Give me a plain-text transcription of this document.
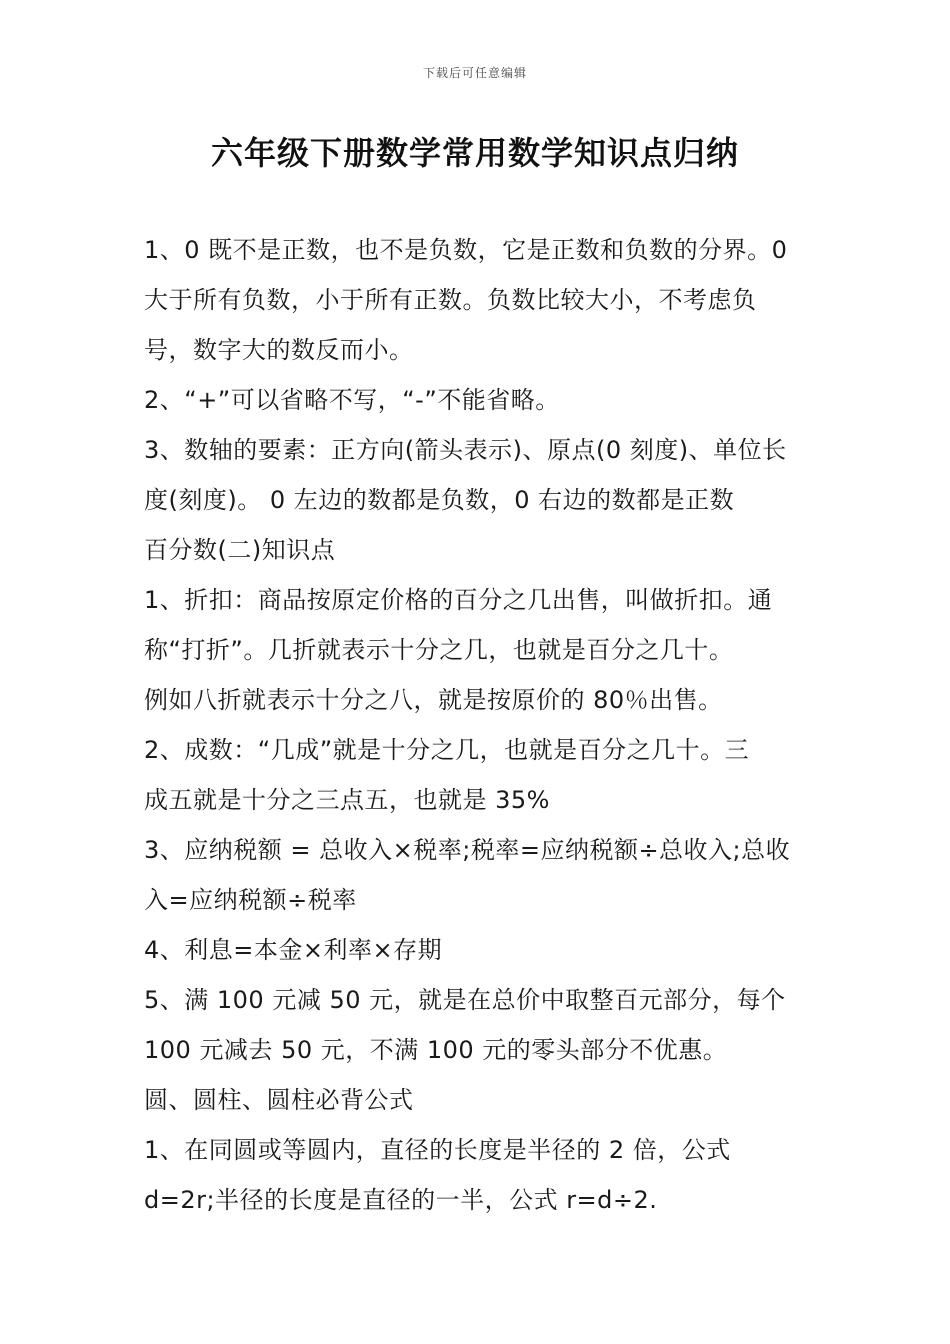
下载后可任意编辑
六年级下册数学常用数学知识点归纳
1、0 既不是正数，也不是负数，它是正数和负数的分界。0
大于所有负数，小于所有正数。负数比较大小，不考虑负
号，数字大的数反而小。
2、“+”可以省略不写，“-”不能省略。
3、数轴的要素：正方向(箭头表示)、原点(0 刻度)、单位长
度(刻度)。 0 左边的数都是负数，0 右边的数都是正数
百分数(二)知识点
1、折扣：商品按原定价格的百分之几出售，叫做折扣。通
称“打折”。几折就表示十分之几，也就是百分之几十。
例如八折就表示十分之八，就是按原价的 80％出售。
2、成数：“几成”就是十分之几，也就是百分之几十。三
成五就是十分之三点五，也就是 35%
3、应纳税额 = 总收入×税率;税率=应纳税额÷总收入;总收
入=应纳税额÷税率
4、利息=本金×利率×存期
5、满 100 元减 50 元，就是在总价中取整百元部分，每个
100 元减去 50 元，不满 100 元的零头部分不优惠。
圆、圆柱、圆柱必背公式
1、在同圆或等圆内，直径的长度是半径的 2 倍，公式
d=2r;半径的长度是直径的一半，公式 r=d÷2.
